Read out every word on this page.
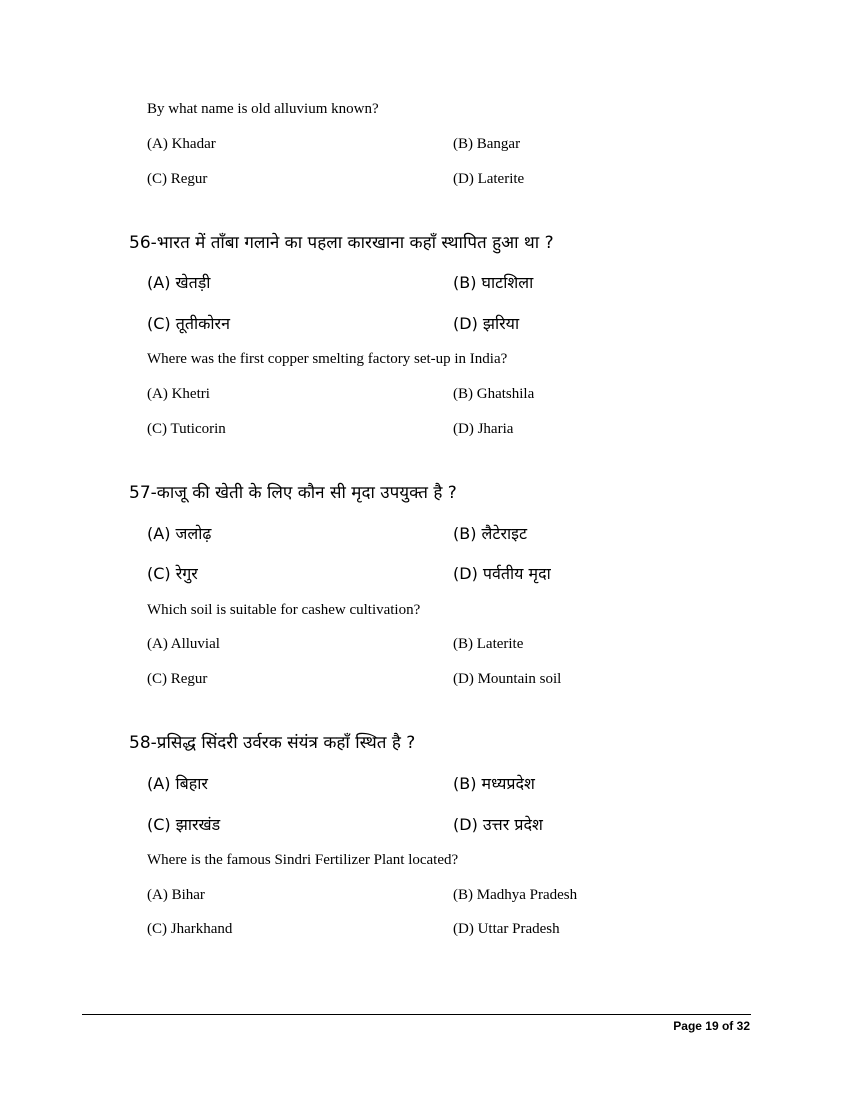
By what name is old alluvium known?
(A) Khadar	(B) Bangar
(C) Regur	(D) Laterite
56-भारत में ताँबा गलाने का पहला कारखाना कहाँ स्थापित हुआ था ?
(A) खेतड़ी	(B) घाटशिला
(C) तूतीकोरन	(D) झरिया
Where was the first copper smelting factory set-up in India?
(A) Khetri	(B) Ghatshila
(C) Tuticorin	(D) Jharia
57-काजू की खेती के लिए कौन सी मृदा उपयुक्त है ?
(A) जलोढ़	(B) लैटेराइट
(C) रेगुर	(D) पर्वतीय मृदा
Which soil is suitable for cashew cultivation?
(A) Alluvial	(B) Laterite
(C) Regur	(D) Mountain soil
58-प्रसिद्ध सिंदरी उर्वरक संयंत्र कहाँ स्थित है ?
(A) बिहार	(B) मध्यप्रदेश
(C) झारखंड	(D) उत्तर प्रदेश
Where is the famous Sindri Fertilizer Plant located?
(A) Bihar	(B) Madhya Pradesh
(C) Jharkhand	(D) Uttar Pradesh
Page 19 of 32
